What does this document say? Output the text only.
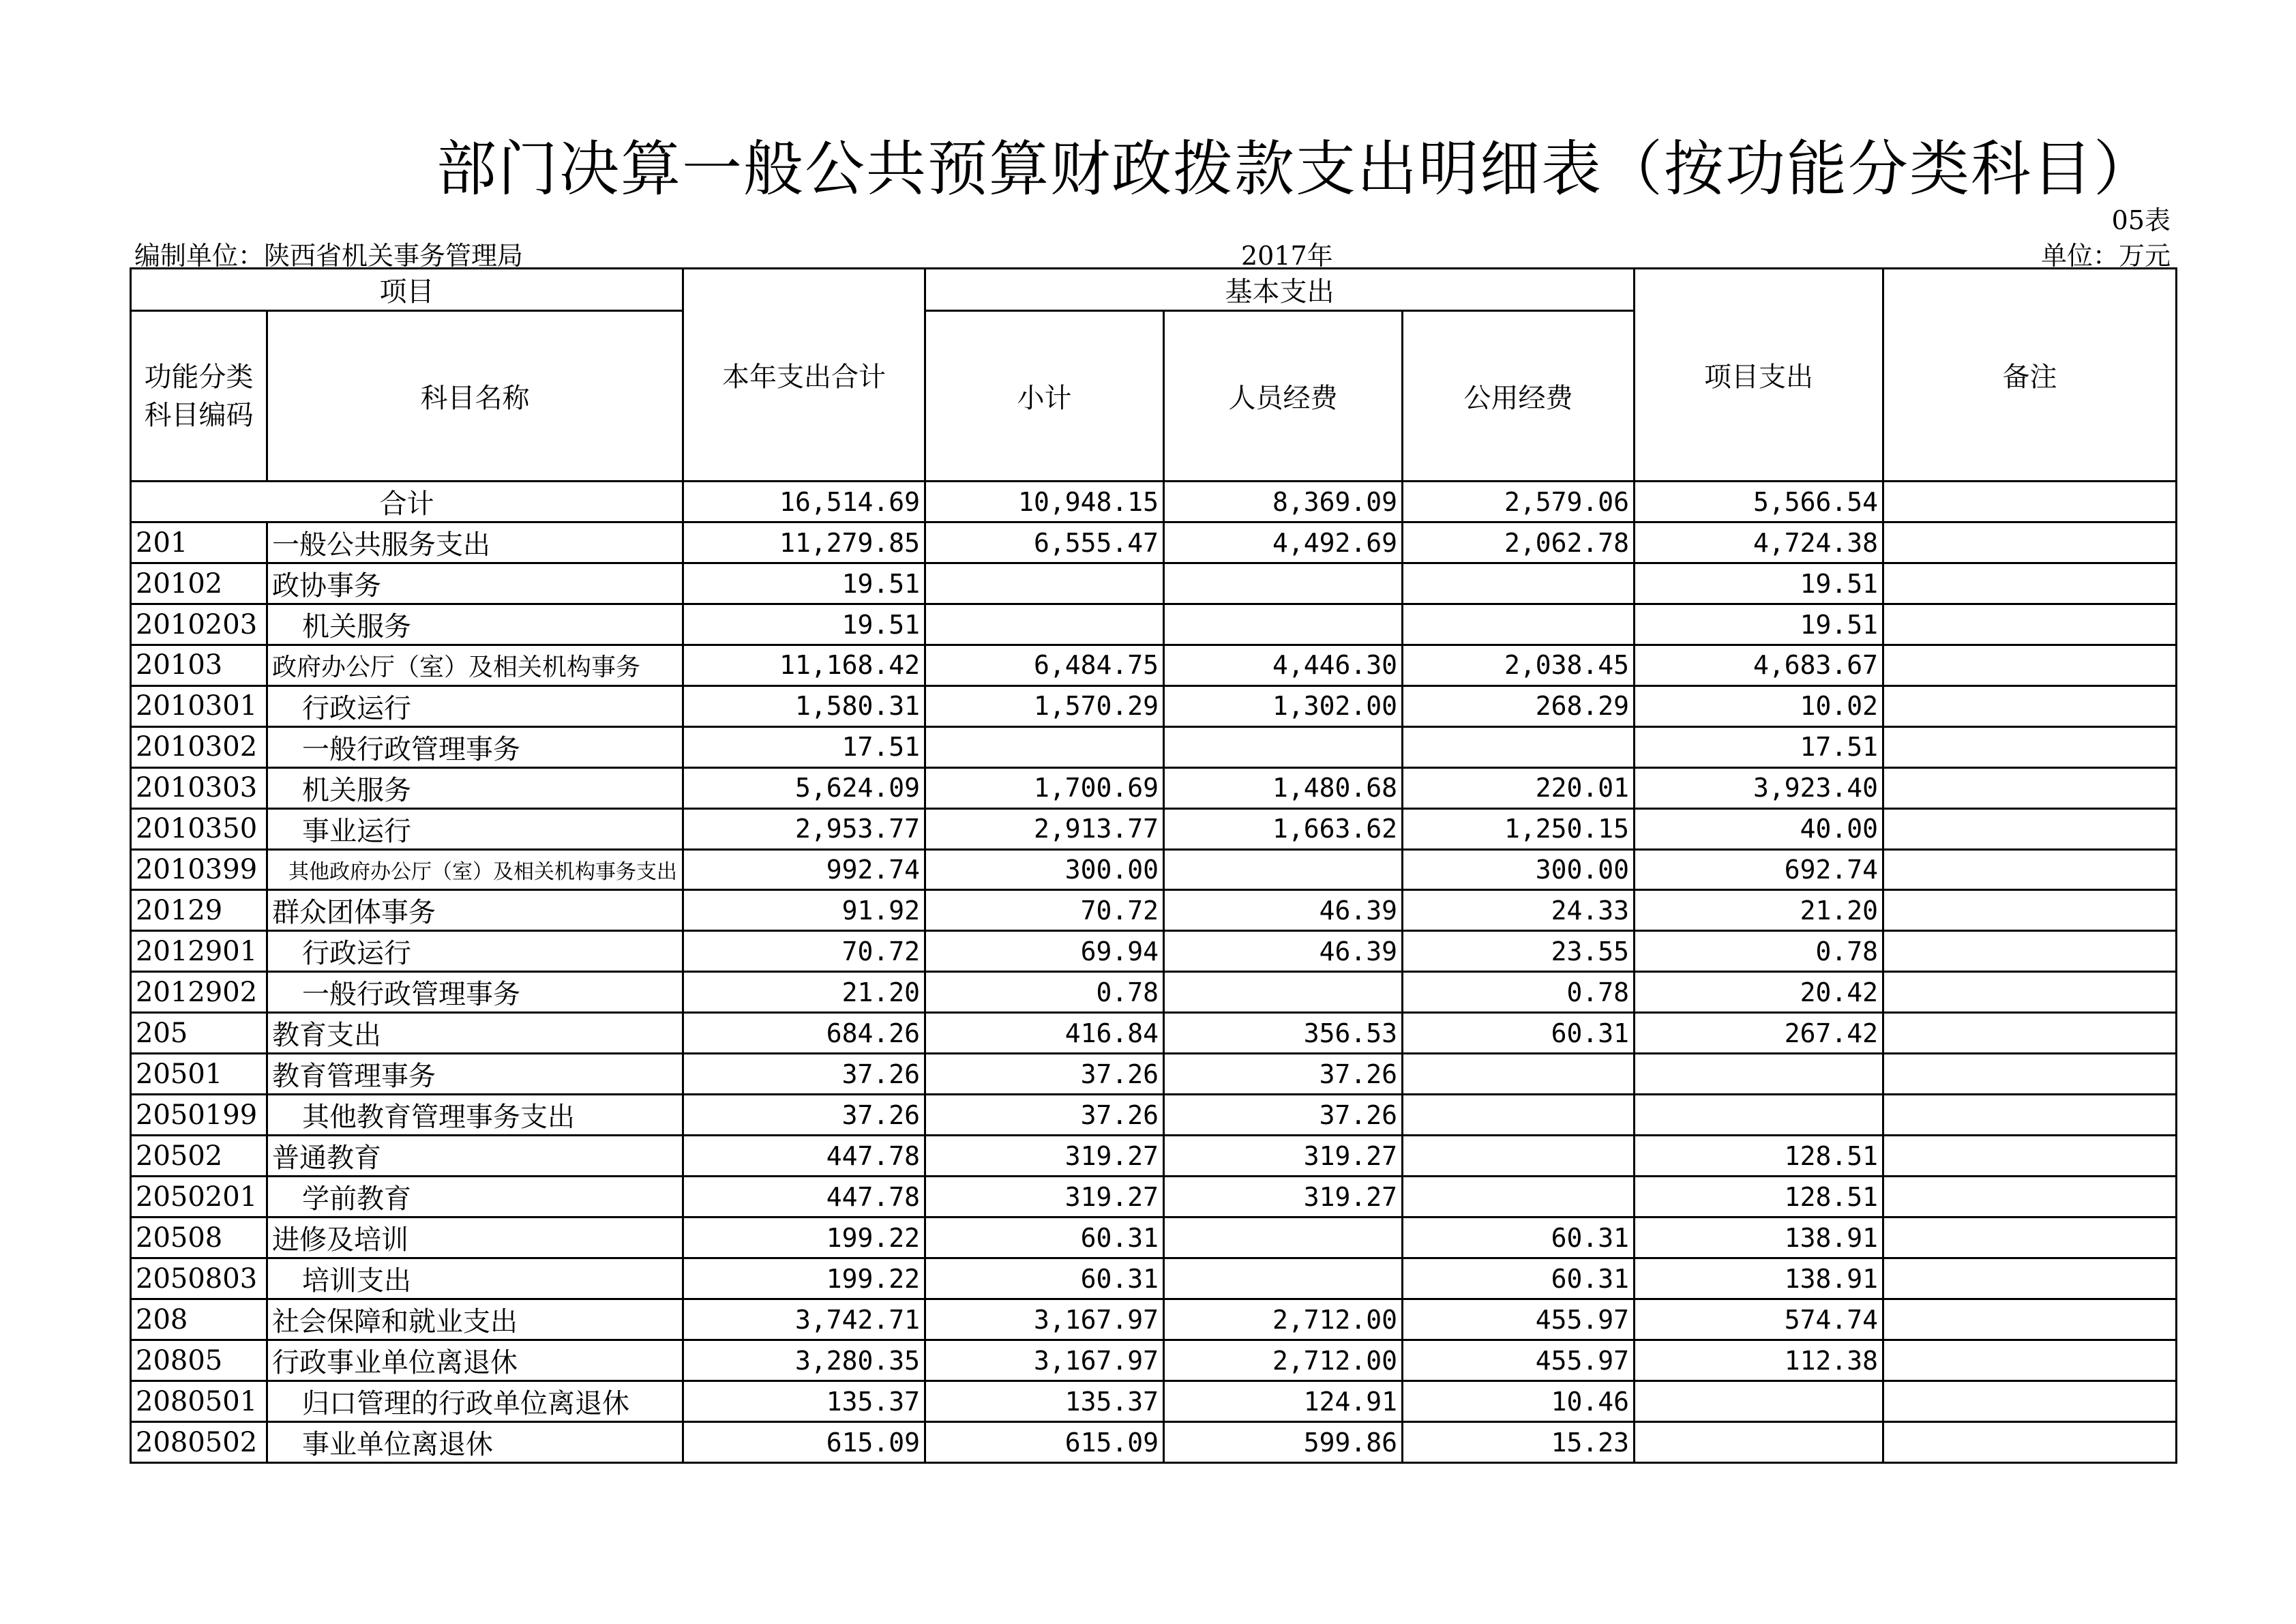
部门决算一般公共预算财政拨款支出明细表（按功能分类科目）
05表
编制单位：陕西省机关事务管理局	2017年	单位：万元
项目		本年支出合计	基本支出			项目支出	备注
功能分类科目编码	科目名称		小计	人员经费	公用经费		
合计		16,514.69	10,948.15	8,369.09	2,579.06	5,566.54	
201	一般公共服务支出	11,279.85	6,555.47	4,492.69	2,062.78	4,724.38	
20102	政协事务	19.51				19.51	
2010203	机关服务	19.51				19.51	
20103	政府办公厅（室）及相关机构事务	11,168.42	6,484.75	4,446.30	2,038.45	4,683.67	
2010301	行政运行	1,580.31	1,570.29	1,302.00	268.29	10.02	
2010302	一般行政管理事务	17.51				17.51	
2010303	机关服务	5,624.09	1,700.69	1,480.68	220.01	3,923.40	
2010350	事业运行	2,953.77	2,913.77	1,663.62	1,250.15	40.00	
2010399	其他政府办公厅（室）及相关机构事务支出	992.74	300.00		300.00	692.74	
20129	群众团体事务	91.92	70.72	46.39	24.33	21.20	
2012901	行政运行	70.72	69.94	46.39	23.55	0.78	
2012902	一般行政管理事务	21.20	0.78		0.78	20.42	
205	教育支出	684.26	416.84	356.53	60.31	267.42	
20501	教育管理事务	37.26	37.26	37.26			
2050199	其他教育管理事务支出	37.26	37.26	37.26			
20502	普通教育	447.78	319.27	319.27		128.51	
2050201	学前教育	447.78	319.27	319.27		128.51	
20508	进修及培训	199.22	60.31		60.31	138.91	
2050803	培训支出	199.22	60.31		60.31	138.91	
208	社会保障和就业支出	3,742.71	3,167.97	2,712.00	455.97	574.74	
20805	行政事业单位离退休	3,280.35	3,167.97	2,712.00	455.97	112.38	
2080501	归口管理的行政单位离退休	135.37	135.37	124.91	10.46		
2080502	事业单位离退休	615.09	615.09	599.86	15.23		
